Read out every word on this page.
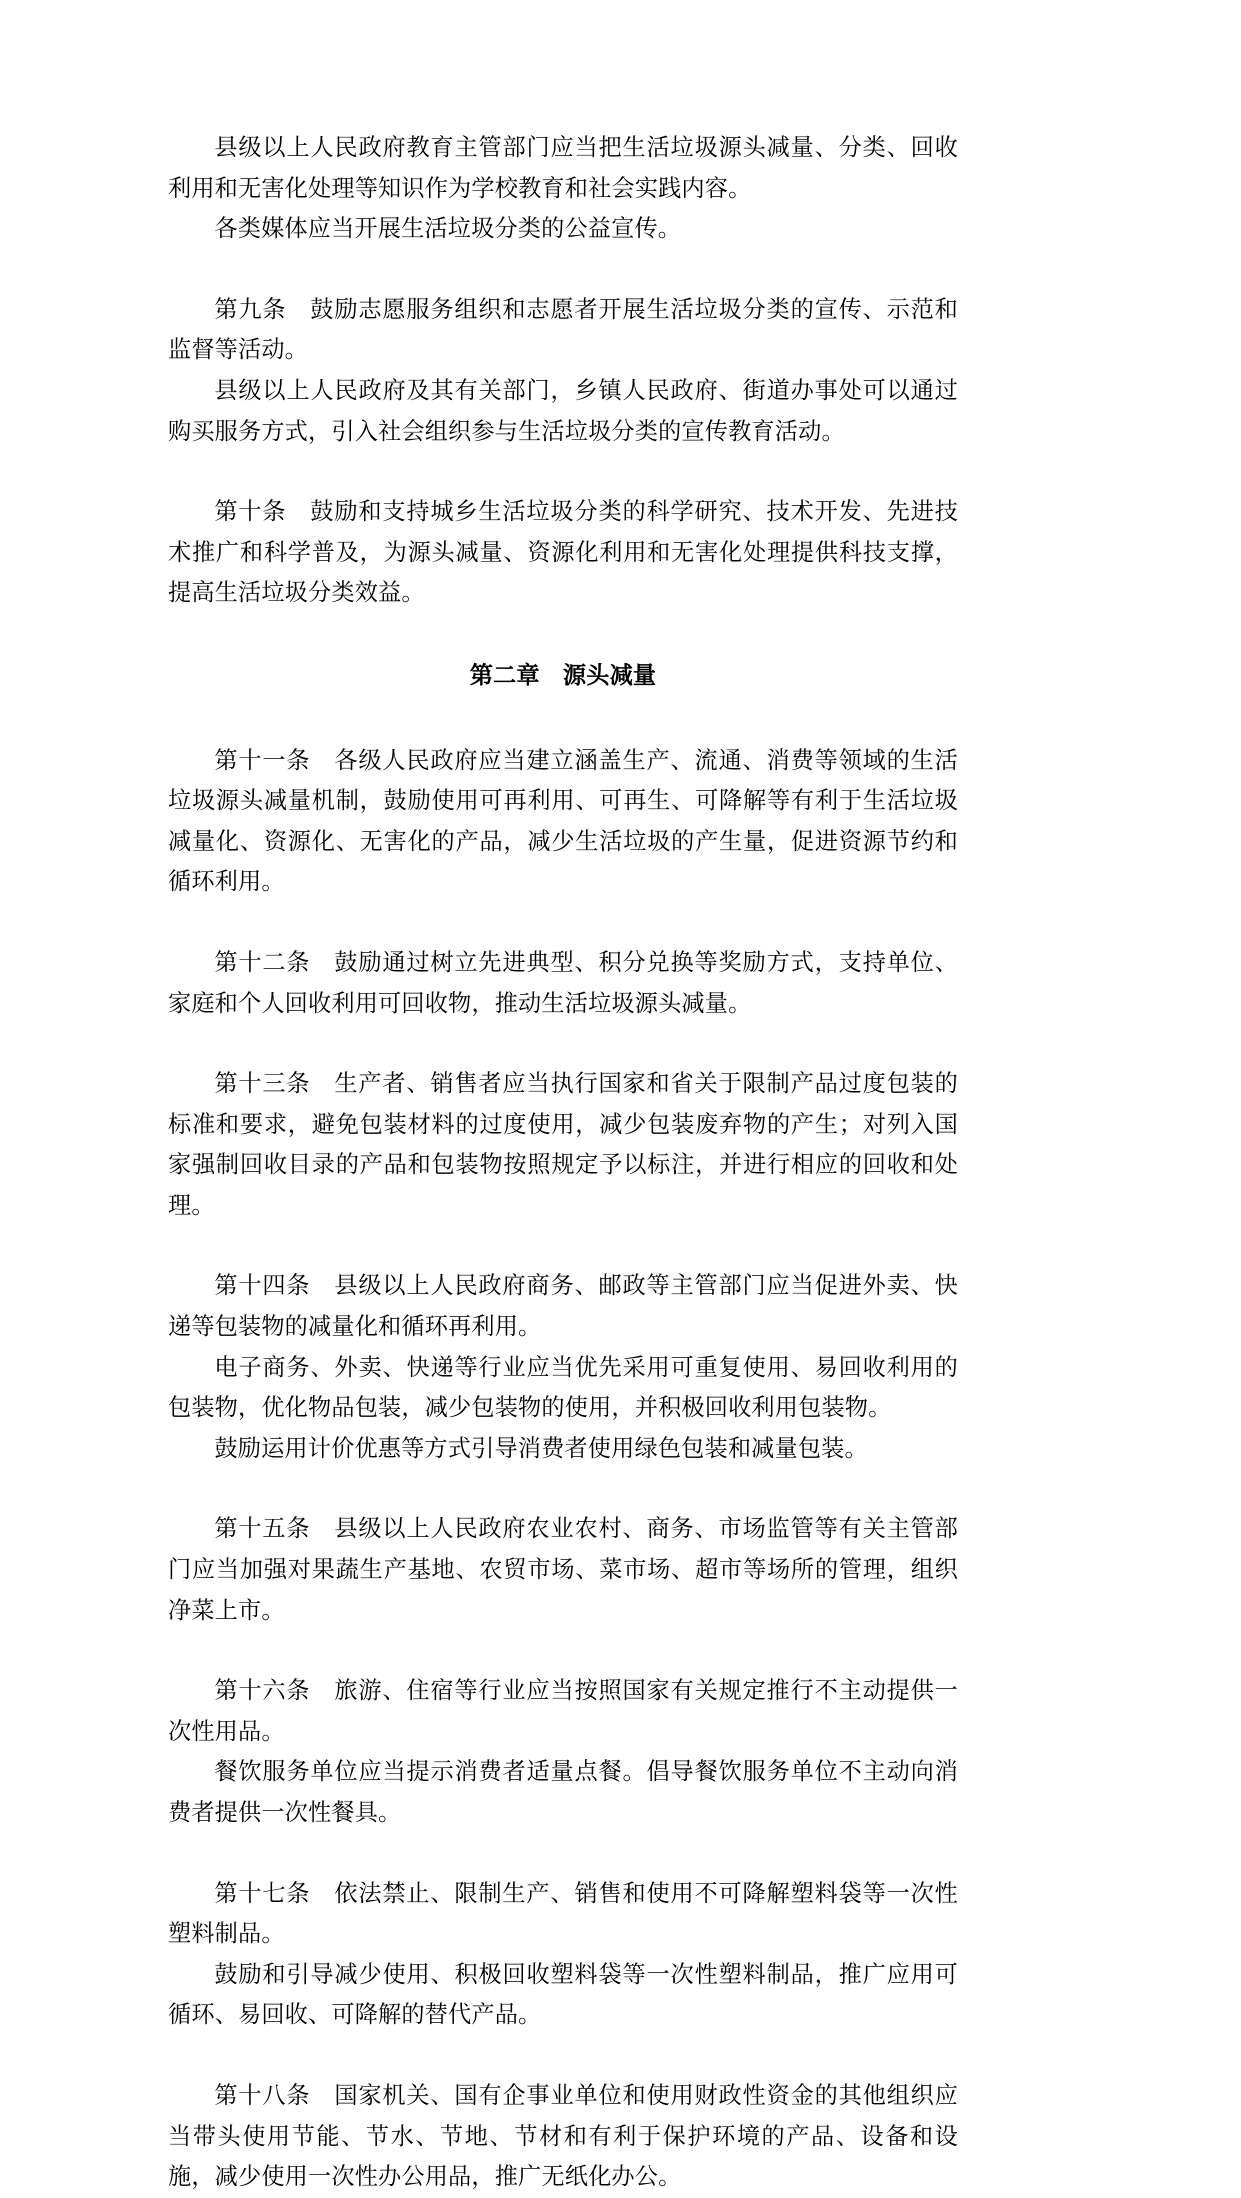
县级以上人民政府教育主管部门应当把生活垃圾源头减量、分类、回收利用和无害化处理等知识作为学校教育和社会实践内容。

各类媒体应当开展生活垃圾分类的公益宣传。

第九条 鼓励志愿服务组织和志愿者开展生活垃圾分类的宣传、示范和监督等活动。

县级以上人民政府及其有关部门，乡镇人民政府、街道办事处可以通过购买服务方式，引入社会组织参与生活垃圾分类的宣传教育活动。

第十条 鼓励和支持城乡生活垃圾分类的科学研究、技术开发、先进技术推广和科学普及，为源头减量、资源化利用和无害化处理提供科技支撑，提高生活垃圾分类效益。

第二章 源头减量

第十一条 各级人民政府应当建立涵盖生产、流通、消费等领域的生活垃圾源头减量机制，鼓励使用可再利用、可再生、可降解等有利于生活垃圾减量化、资源化、无害化的产品，减少生活垃圾的产生量，促进资源节约和循环利用。

第十二条 鼓励通过树立先进典型、积分兑换等奖励方式，支持单位、家庭和个人回收利用可回收物，推动生活垃圾源头减量。

第十三条 生产者、销售者应当执行国家和省关于限制产品过度包装的标准和要求，避免包装材料的过度使用，减少包装废弃物的产生；对列入国家强制回收目录的产品和包装物按照规定予以标注，并进行相应的回收和处理。

第十四条 县级以上人民政府商务、邮政等主管部门应当促进外卖、快递等包装物的减量化和循环再利用。

电子商务、外卖、快递等行业应当优先采用可重复使用、易回收利用的包装物，优化物品包装，减少包装物的使用，并积极回收利用包装物。

鼓励运用计价优惠等方式引导消费者使用绿色包装和减量包装。

第十五条 县级以上人民政府农业农村、商务、市场监管等有关主管部门应当加强对果蔬生产基地、农贸市场、菜市场、超市等场所的管理，组织净菜上市。

第十六条 旅游、住宿等行业应当按照国家有关规定推行不主动提供一次性用品。

餐饮服务单位应当提示消费者适量点餐。倡导餐饮服务单位不主动向消费者提供一次性餐具。

第十七条 依法禁止、限制生产、销售和使用不可降解塑料袋等一次性塑料制品。

鼓励和引导减少使用、积极回收塑料袋等一次性塑料制品，推广应用可循环、易回收、可降解的替代产品。

第十八条 国家机关、国有企事业单位和使用财政性资金的其他组织应当带头使用节能、节水、节地、节材和有利于保护环境的产品、设备和设施，减少使用一次性办公用品，推广无纸化办公。
